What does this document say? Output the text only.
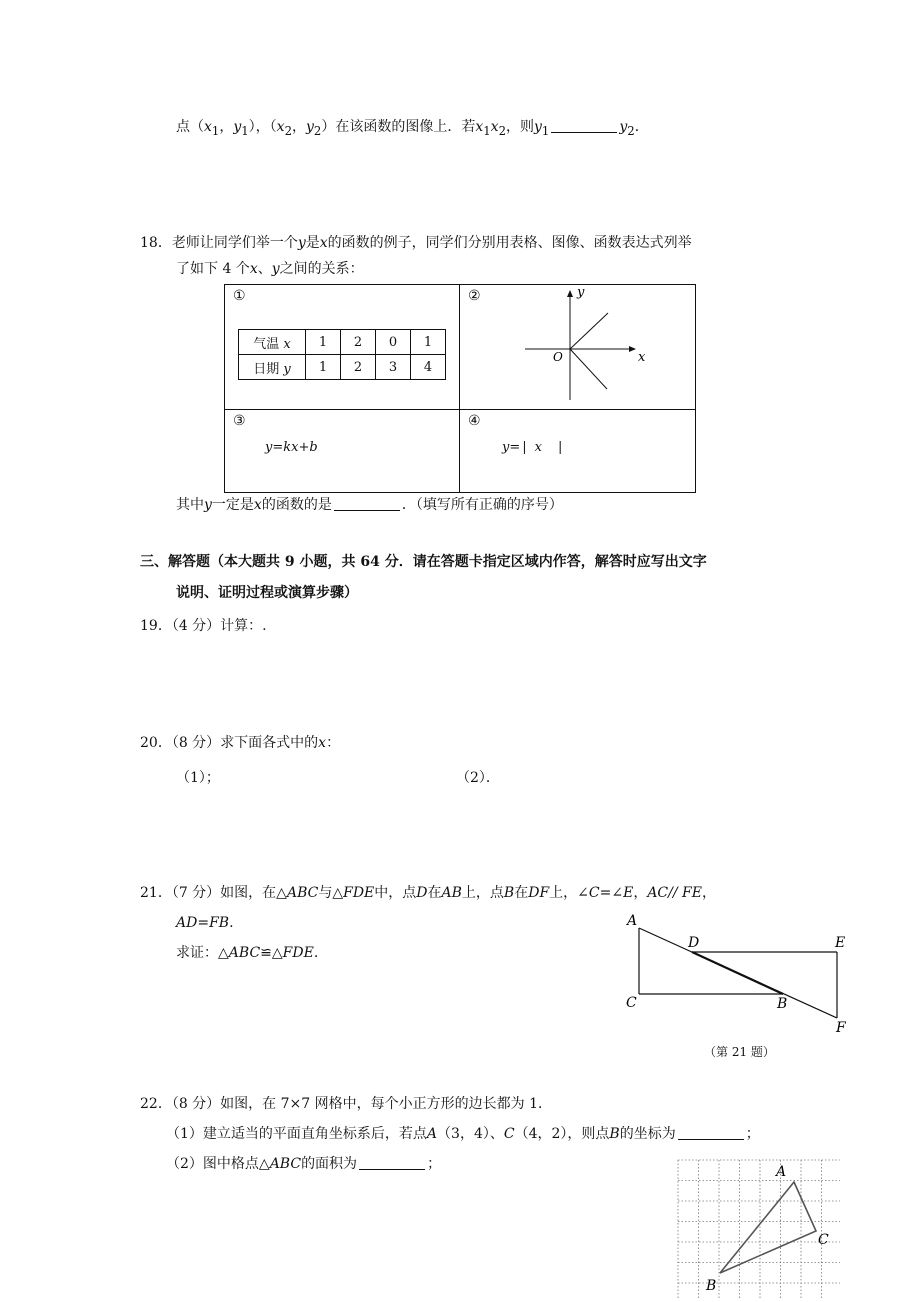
点（$x_1$，$y_1$），（$x_2$，$y_2$）在该函数的图像上．若$x_1x_2$，则$y_1$	$y_2$．
18．老师让同学们举一个y是x的函数的例子，同学们分别用表格、图像、函数表达式列举
了如下 4 个x、y之间的关系：
①
气温 x	1	2	0	1
日期 y	1	2	3	4

②	y
x
O

③
y=kx+b

④
y= | x |
其中y一定是x的函数的是	．（填写所有正确的序号）
三、解答题（本大题共 9 小题，共 64 分．请在答题卡指定区域内作答，解答时应写出文字
说明、证明过程或演算步骤）
19．（4 分）计算：.
20．（8 分）求下面各式中的x：
（1）；	（2）．
21．（7 分）如图，在△ABC与△FDE中，点D在AB上，点B在DF上，∠C=∠E，AC// FE，
AD=FB.
求证：△ABC≌△FDE.
A
D	E
C	B
F
（第 21 题）
22．（8 分）如图，在 7×7 网格中，每个小正方形的边长都为 1．
（1）建立适当的平面直角坐标系后，若点A（3，4）、C（4，2），则点B的坐标为	；
（2）图中格点△ABC的面积为	；	A
C
B
